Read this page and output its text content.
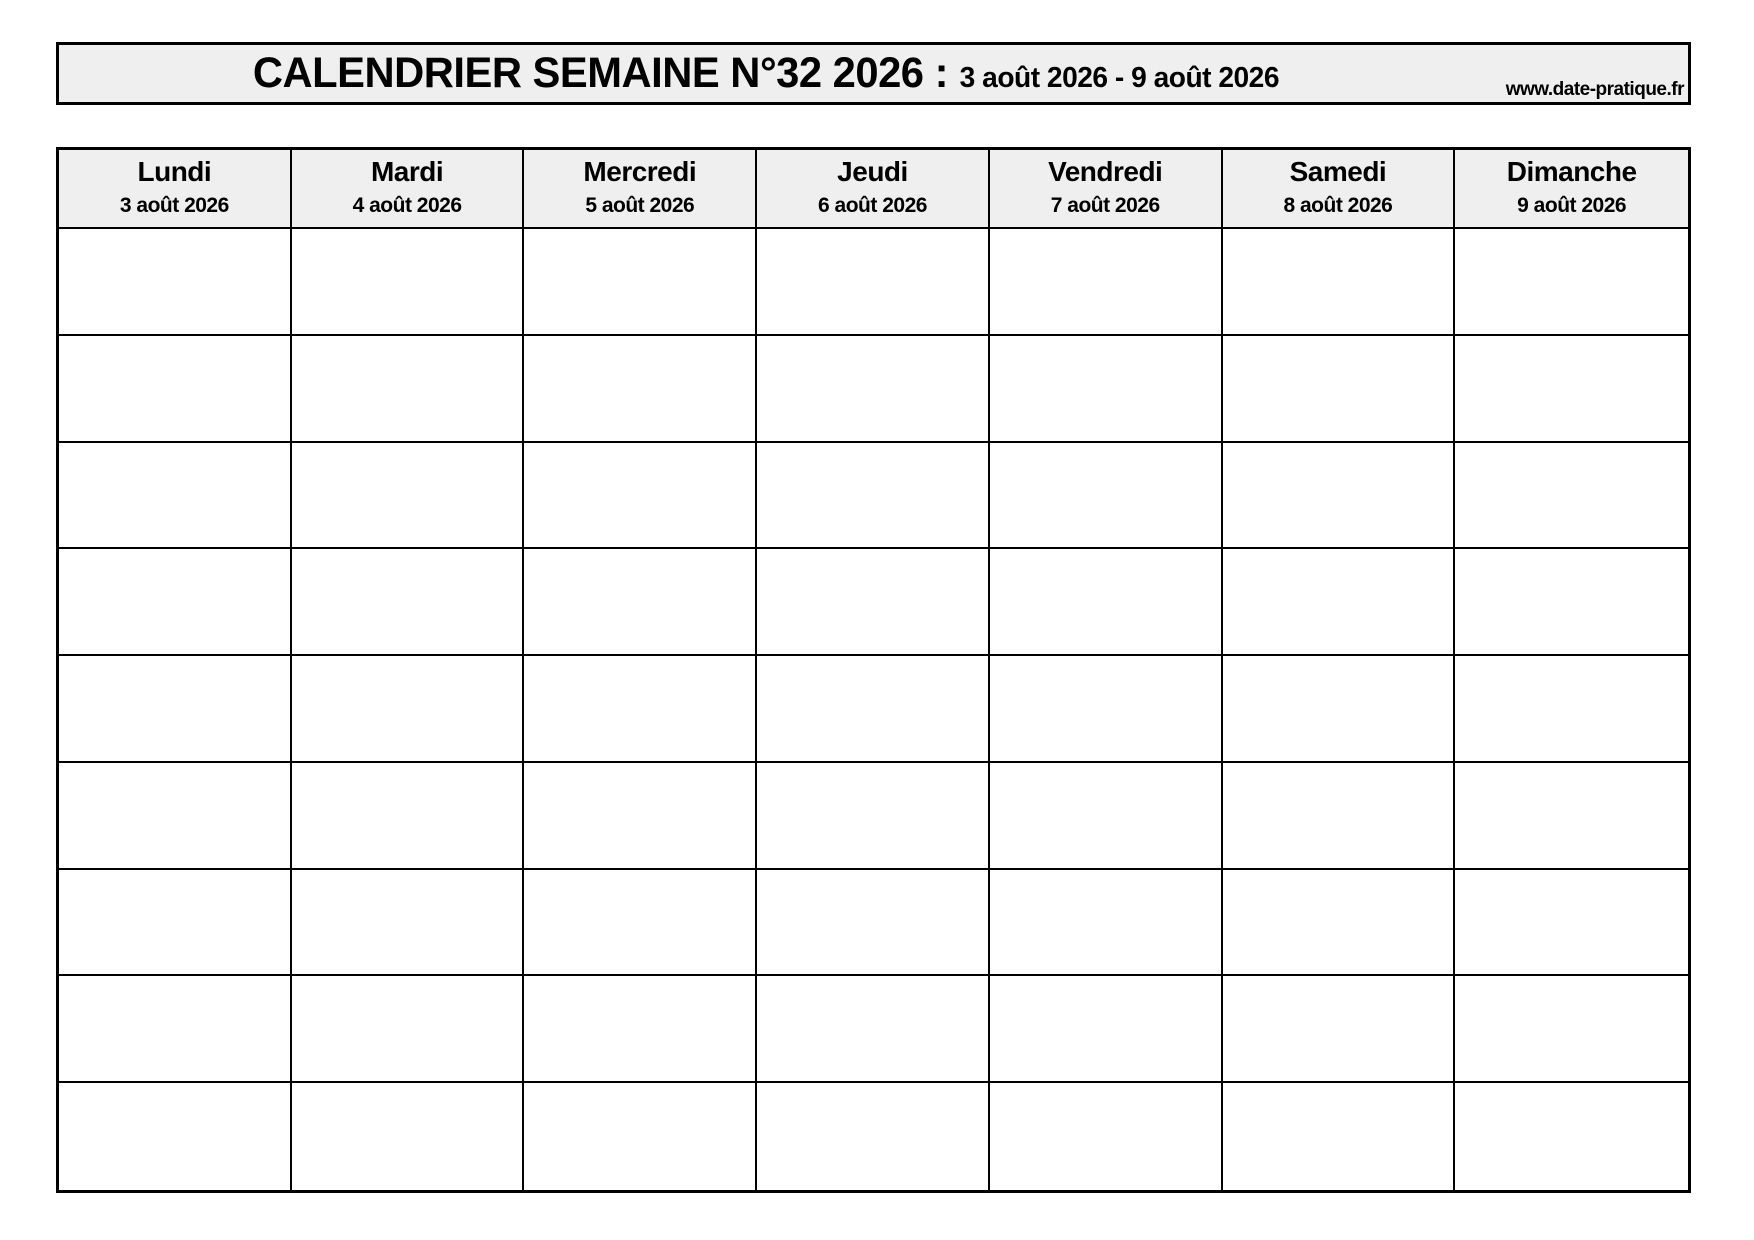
CALENDRIER SEMAINE N°32 2026 : 3 août 2026 - 9 août 2026	www.date-pratique.fr
Lundi
3 août 2026
Mardi
4 août 2026
Mercredi
5 août 2026
Jeudi
6 août 2026
Vendredi
7 août 2026
Samedi
8 août 2026
Dimanche
9 août 2026
